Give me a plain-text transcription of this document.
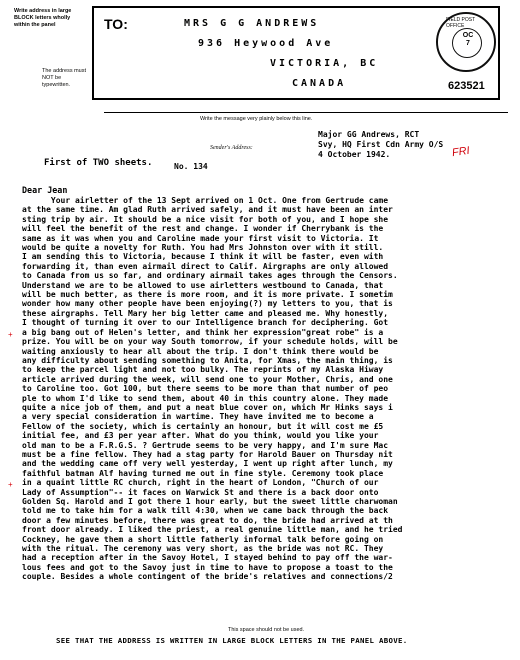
Write address in large BLOCK letters wholly within the panel
The address must NOT be typewritten.
TO:	MRS G G ANDREWS
936 Heywood Ave
VICTORIA, BC
CANADA
FIELD POST OFFICE
OC
7
623521
Write the message very plainly below this line.
Major GG Andrews, RCT
Svy, HQ First Cdn Army O/S
4 October 1942.
Sender's Address:
First of TWO sheets.	No. 134
FRI
Dear Jean
Your airletter of the 13 Sept arrived on 1 Oct. One from Gertrude came
at the same time. Am glad Ruth arrived safely, and it must have been an inter
sting trip by air. It should be a nice visit for both of you, and I hope she
will feel the benefit of the rest and change. I wonder if Cherrybank is the
same as it was when you and Caroline made your first visit to Victoria. It
would be quite a novelty for Ruth. You had Mrs Johnston over with it still.
I am sending this to Victoria, because I think it will be faster, even with
forwarding it, than even airmail direct to Calif. Airgraphs are only allowed
to Canada from us so far, and ordinary airmail takes ages through the Censors.
Understand we are to be allowed to use airletters westbound to Canada, that
will be much better, as there is more room, and it is more private. I sometim
wonder how many other people have been enjoying(?) my letters to you, that is
these airgraphs. Tell Mary her big letter came and pleased me. Why honestly,
I thought of turning it over to our Intelligence branch for deciphering. Got
a big bang out of Helen's letter, and think her expression"great robe" is a
prize. You will be on your way South tomorrow, if your schedule holds, will be
waiting anxiously to hear all about the trip. I don't think there would be
any difficulty about sending something to Anita, for Xmas, the main thing, is
to keep the parcel light and not too bulky. The reprints of my Alaska Hiway
article arrived during the week, will send one to your Mother, Chris, and one
to Caroline too. Got 100, but there seems to be more than that number of peo
ple to whom I'd like to send them, about 40 in this country alone. They made
quite a nice job of them, and put a neat blue cover on, which Mr Hinks says i
a very special consideration in wartime. They have invited me to become a
Fellow of the society, which is certainly an honour, but it will cost me £5
initial fee, and £3 per year after. What do you think, would you like your
old man to be a F.R.G.S. ? Gertrude seems to be very happy, and I'm sure Mac
must be a fine fellow. They had a stag party for Harold Bauer on Thursday nit
and the wedding came off very well yesterday, I went up right after lunch, my
faithful batman Alf having turned me out in fine style. Ceremony took place
in a quaint little RC church, right in the heart of London, "Church of our
Lady of Assumption"-- it faces on Warwick St and there is a back door onto
Golden Sq. Harold and I got there 1 hour early, but the sweet little charwoman
told me to take him for a walk till 4:30, when we came back through the back
door a few minutes before, there was great to do, the bride had arrived at th
front door already. I liked the priest, a real genuine little man, and he tried
Cockney, he gave them a short little fatherly informal talk before going on
with the ritual. The ceremony was very short, as the bride was not RC. They
had a reception after in the Savoy Hotel, I stayed behind to pay off the war-
lous fees and got to the Savoy just in time to have to propose a toast to the
couple. Besides a whole contingent of the bride's relatives and connections/2
+
+
This space should not be used.
SEE THAT THE ADDRESS IS WRITTEN IN LARGE BLOCK LETTERS IN THE PANEL ABOVE.
